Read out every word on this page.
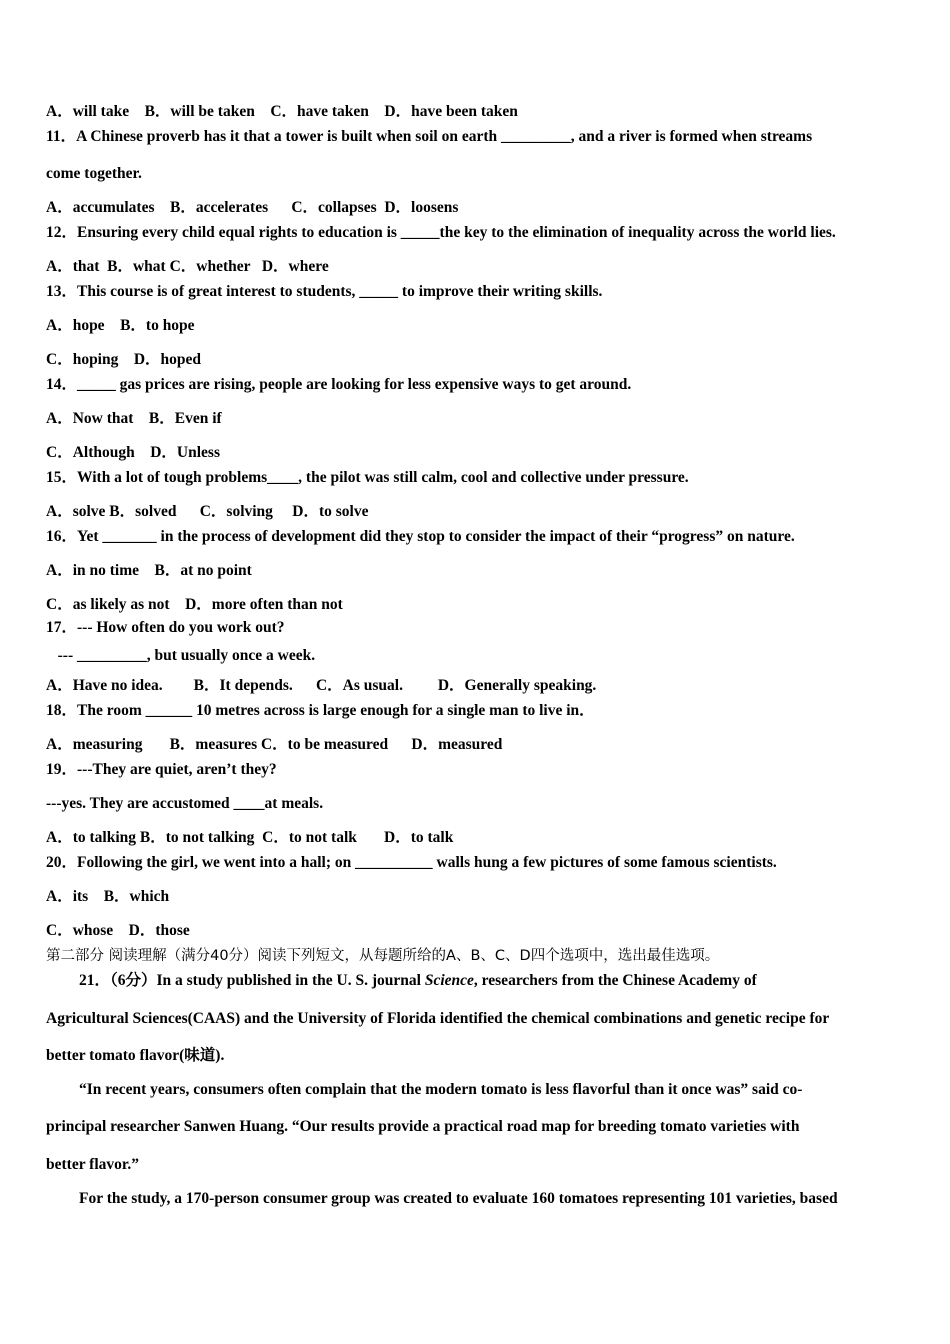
A．will take    B．will be taken    C．have taken    D．have been taken
11．A Chinese proverb has it that a tower is built when soil on earth _________, and a river is formed when streams
come together.
A．accumulates    B．accelerates      C．collapses  D．loosens
12．Ensuring every child equal rights to education is _____the key to the elimination of inequality across the world lies.
A．that  B．what C．whether   D．where
13．This course is of great interest to students, _____ to improve their writing skills.
A．hope    B．to hope
C．hoping    D．hoped
14．_____ gas prices are rising, people are looking for less expensive ways to get around.
A．Now that    B．Even if
C．Although    D．Unless
15．With a lot of tough problems____, the pilot was still calm, cool and collective under pressure.
A．solve B．solved      C．solving     D．to solve
16．Yet _______ in the process of development did they stop to consider the impact of their “progress” on nature.
A．in no time    B．at no point
C．as likely as not    D．more often than not
17．--- How often do you work out?
--- _________, but usually once a week.
A．Have no idea.        B．It depends.      C．As usual.         D．Generally speaking.
18．The room ______ 10 metres across is large enough for a single man to live in．
A．measuring       B．measures C．to be measured      D．measured
19．---They are quiet, aren’t they?
---yes. They are accustomed ____at meals.
A．to talking B．to not talking  C．to not talk       D．to talk
20．Following the girl, we went into a hall; on __________ walls hung a few pictures of some famous scientists.
A．its    B．which
C．whose    D．those
第二部分 阅读理解（满分40分）阅读下列短文，从每题所给的A、B、C、D四个选项中，选出最佳选项。
21．（6分）In a study published in the U. S. journal Science, researchers from the Chinese Academy of
Agricultural Sciences(CAAS) and the University of Florida identified the chemical combinations and genetic recipe for
better tomato flavor(味道).
“In recent years, consumers often complain that the modern tomato is less flavorful than it once was” said co-
principal researcher Sanwen Huang. “Our results provide a practical road map for breeding tomato varieties with
better flavor.”
For the study, a 170-person consumer group was created to evaluate 160 tomatoes representing 101 varieties, based
